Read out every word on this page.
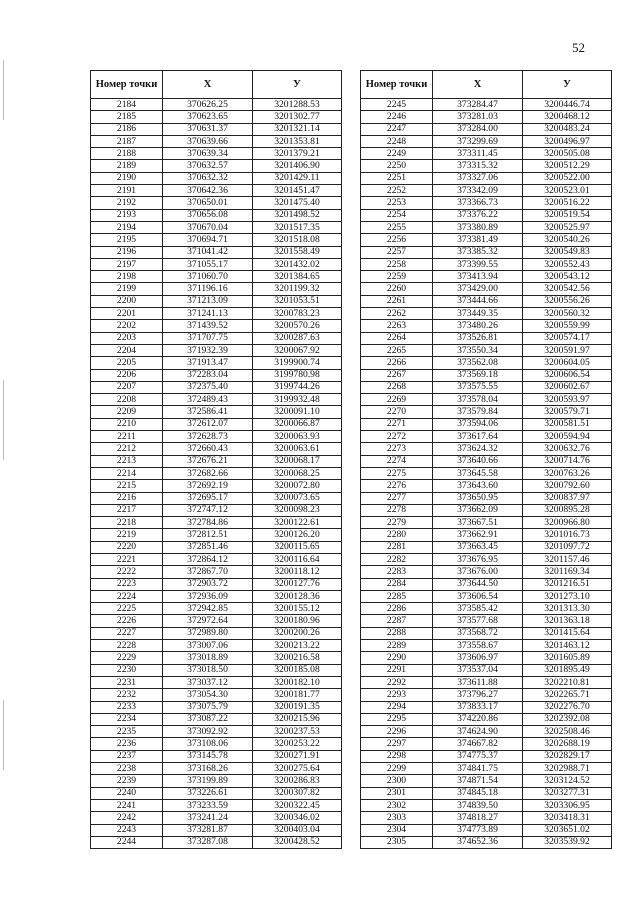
52
Номер точки	X	У
2184	370626.25	3201288.53
2185	370623.65	3201302.77
2186	370631.37	3201321.14
2187	370639.66	3201353.81
2188	370639.34	3201379.21
2189	370632.57	3201406.90
2190	370632.32	3201429.11
2191	370642.36	3201451.47
2192	370650.01	3201475.40
2193	370656.08	3201498.52
2194	370670.04	3201517.35
2195	370694.71	3201518.08
2196	371041.42	3201558.49
2197	371055.17	3201432.02
2198	371060.70	3201384.65
2199	371196.16	3201199.32
2200	371213.09	3201053.51
2201	371241.13	3200783.23
2202	371439.52	3200570.26
2203	371707.75	3200287.63
2204	371932.39	3200067.92
2205	371913.47	3199900.74
2206	372283.04	3199780.98
2207	372375.40	3199744.26
2208	372489.43	3199932.48
2209	372586.41	3200091.10
2210	372612.07	3200066.87
2211	372628.73	3200063.93
2212	372660.43	3200063.61
2213	372676.21	3200068.17
2214	372682.66	3200068.25
2215	372692.19	3200072.80
2216	372695.17	3200073.65
2217	372747.12	3200098.23
2218	372784.86	3200122.61
2219	372812.51	3200126.20
2220	372851.46	3200115.65
2221	372864.12	3200116.64
2222	372867.70	3200118.12
2223	372903.72	3200127.76
2224	372936.09	3200128.36
2225	372942.85	3200155.12
2226	372972.64	3200180.96
2227	372989.80	3200200.26
2228	373007.06	3200213.22
2229	373018.89	3200216.58
2230	373018.50	3200185.08
2231	373037.12	3200182.10
2232	373054.30	3200181.77
2233	373075.79	3200191.35
2234	373087.22	3200215.96
2235	373092.92	3200237.53
2236	373108.06	3200253.22
2237	373145.78	3200271.91
2238	373168.26	3200275.64
2239	373199.89	3200286.83
2240	373226.61	3200307.82
2241	373233.59	3200322.45
2242	373241.24	3200346.02
2243	373281.87	3200403.04
2244	373287.08	3200428.52
Номер точки	X	У
2245	373284.47	3200446.74
2246	373281.03	3200468.12
2247	373284.00	3200483.24
2248	373299.69	3200496.97
2249	373311.45	3200505.08
2250	373315.32	3200512.29
2251	373327.06	3200522.00
2252	373342.09	3200523.01
2253	373366.73	3200516.22
2254	373376.22	3200519.54
2255	373380.89	3200525.97
2256	373381.49	3200540.26
2257	373385.32	3200549.83
2258	373399.55	3200552.43
2259	373413.94	3200543.12
2260	373429.00	3200542.56
2261	373444.66	3200556.26
2262	373449.35	3200560.32
2263	373480.26	3200559.99
2264	373526.81	3200574.17
2265	373550.34	3200591.97
2266	373562.08	3200604.05
2267	373569.18	3200606.54
2268	373575.55	3200602.67
2269	373578.04	3200593.97
2270	373579.84	3200579.71
2271	373594.06	3200581.51
2272	373617.64	3200594.94
2273	373624.32	3200632.76
2274	373640.66	3200714.76
2275	373645.58	3200763.26
2276	373643.60	3200792.60
2277	373650.95	3200837.97
2278	373662.09	3200895.28
2279	373667.51	3200966.80
2280	373662.91	3201016.73
2281	373663.45	3201097.72
2282	373676.95	3201157.46
2283	373676.00	3201169.34
2284	373644.50	3201216.51
2285	373606.54	3201273.10
2286	373585.42	3201313.30
2287	373577.68	3201363.18
2288	373568.72	3201415.64
2289	373558.67	3201463.12
2290	373606.97	3201605.89
2291	373537.04	3201895.49
2292	373611.88	3202210.81
2293	373796.27	3202265.71
2294	373833.17	3202276.70
2295	374220.86	3202392.08
2296	374624.90	3202508.46
2297	374667.82	3202688.19
2298	374775.37	3202829.17
2299	374841.75	3202988.71
2300	374871.54	3203124.52
2301	374845.18	3203277.31
2302	374839.50	3203306.95
2303	374818.27	3203418.31
2304	374773.89	3203651.02
2305	374652.36	3203539.92
